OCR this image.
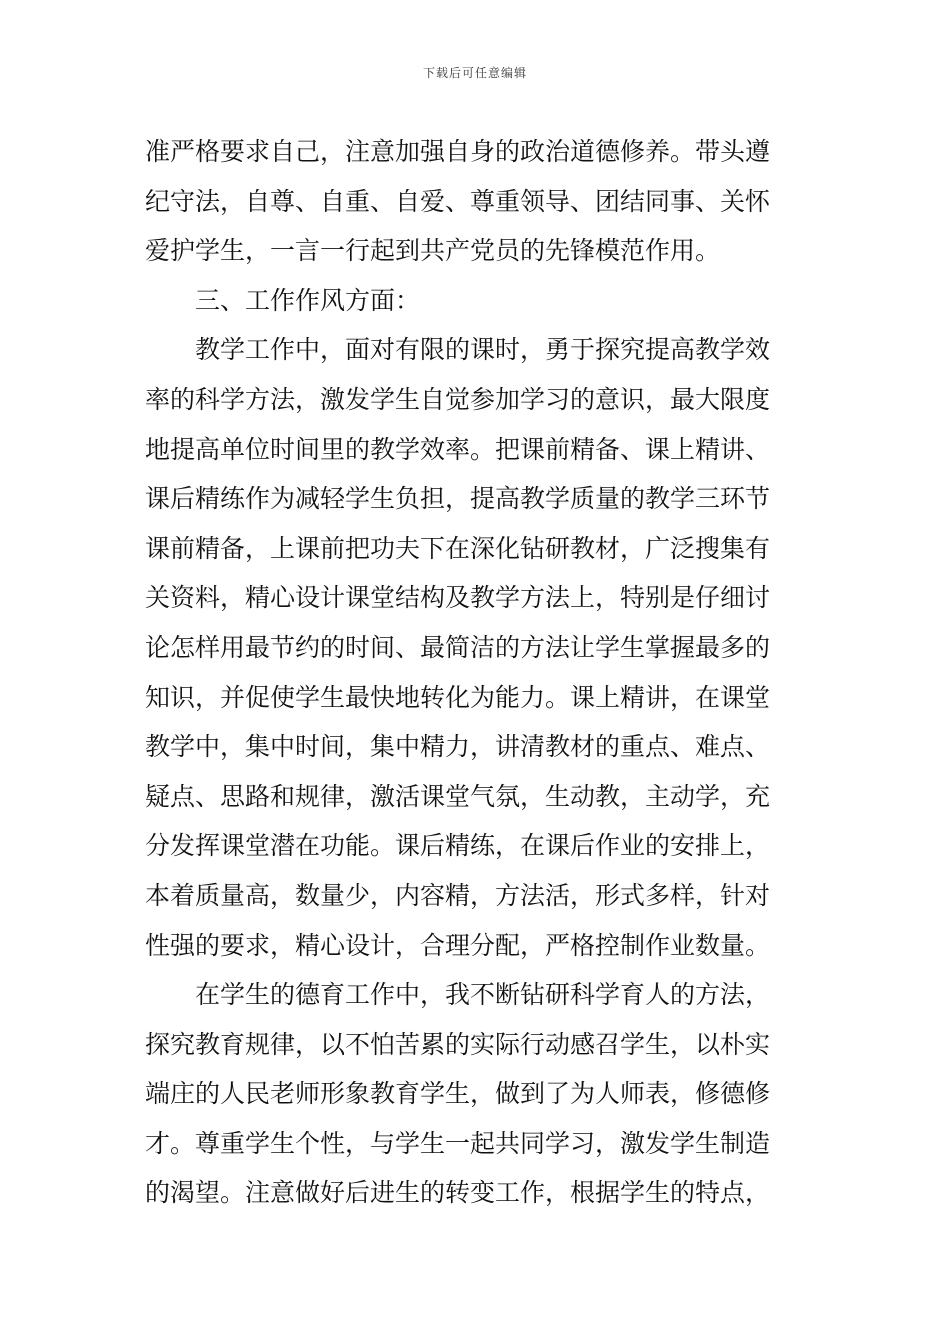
下载后可任意编辑

准严格要求自己，注意加强自身的政治道德修养。带头遵
纪守法，自尊、自重、自爱、尊重领导、团结同事、关怀
爱护学生，一言一行起到共产党员的先锋模范作用。

三、工作作风方面：

教学工作中，面对有限的课时，勇于探究提高教学效
率的科学方法，激发学生自觉参加学习的意识，最大限度
地提高单位时间里的教学效率。把课前精备、课上精讲、
课后精练作为减轻学生负担，提高教学质量的教学三环节
课前精备，上课前把功夫下在深化钻研教材，广泛搜集有
关资料，精心设计课堂结构及教学方法上，特别是仔细讨
论怎样用最节约的时间、最简洁的方法让学生掌握最多的
知识，并促使学生最快地转化为能力。课上精讲，在课堂
教学中，集中时间，集中精力，讲清教材的重点、难点、
疑点、思路和规律，激活课堂气氛，生动教，主动学，充
分发挥课堂潜在功能。课后精练，在课后作业的安排上，
本着质量高，数量少，内容精，方法活，形式多样，针对
性强的要求，精心设计，合理分配，严格控制作业数量。

在学生的德育工作中，我不断钻研科学育人的方法，
探究教育规律，以不怕苦累的实际行动感召学生，以朴实
端庄的人民老师形象教育学生，做到了为人师表，修德修
才。尊重学生个性，与学生一起共同学习，激发学生制造
的渴望。注意做好后进生的转变工作，根据学生的特点，
